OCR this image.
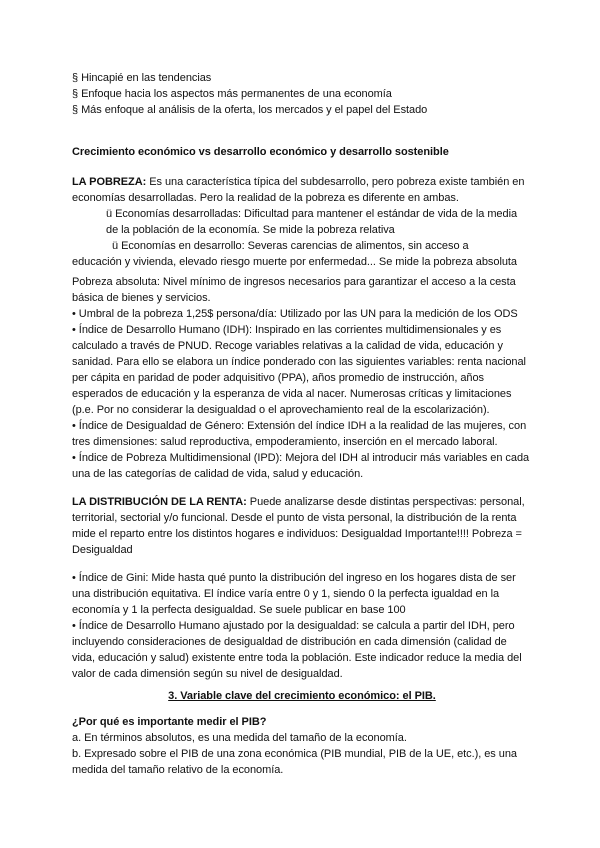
§ Hincapié en las tendencias

§ Enfoque hacia los aspectos más permanentes de una economía

§ Más enfoque al análisis de la oferta, los mercados y el papel del Estado

Crecimiento económico vs desarrollo económico y desarrollo sostenible

LA POBREZA: Es una característica típica del subdesarrollo, pero pobreza existe también en economías desarrolladas. Pero la realidad de la pobreza es diferente en ambas.

ü Economías desarrolladas: Dificultad para mantener el estándar de vida de la media de la población de la economía. Se mide la pobreza relativa

ü Economías en desarrollo: Severas carencias de alimentos, sin acceso a

educación y vivienda, elevado riesgo muerte por enfermedad... Se mide la pobreza absoluta

Pobreza absoluta: Nivel mínimo de ingresos necesarios para garantizar el acceso a la cesta básica de bienes y servicios.

• Umbral de la pobreza 1,25$ persona/día: Utilizado por las UN para la medición de los ODS

• Índice de Desarrollo Humano (IDH): Inspirado en las corrientes multidimensionales y es calculado a través de PNUD. Recoge variables relativas a la calidad de vida, educación y sanidad. Para ello se elabora un índice ponderado con las siguientes variables: renta nacional per cápita en paridad de poder adquisitivo (PPA), años promedio de instrucción, años esperados de educación y la esperanza de vida al nacer. Numerosas críticas y limitaciones (p.e. Por no considerar la desigualdad o el aprovechamiento real de la escolarización).

• Índice de Desigualdad de Género: Extensión del índice IDH a la realidad de las mujeres, con tres dimensiones: salud reproductiva, empoderamiento, inserción en el mercado laboral.

• Índice de Pobreza Multidimensional (IPD): Mejora del IDH al introducir más variables en cada una de las categorías de calidad de vida, salud y educación.

LA DISTRIBUCIÓN DE LA RENTA: Puede analizarse desde distintas perspectivas: personal, territorial, sectorial y/o funcional. Desde el punto de vista personal, la distribución de la renta mide el reparto entre los distintos hogares e individuos: Desigualdad Importante!!!! Pobreza = Desigualdad

• Índice de Gini: Mide hasta qué punto la distribución del ingreso en los hogares dista de ser una distribución equitativa. El índice varía entre 0 y 1, siendo 0 la perfecta igualdad en la economía y 1 la perfecta desigualdad. Se suele publicar en base 100

• Índice de Desarrollo Humano ajustado por la desigualdad: se calcula a partir del IDH, pero incluyendo consideraciones de desigualdad de distribución en cada dimensión (calidad de vida, educación y salud) existente entre toda la población. Este indicador reduce la media del valor de cada dimensión según su nivel de desigualdad.

3. Variable clave del crecimiento económico: el PIB.

¿Por qué es importante medir el PIB?

a. En términos absolutos, es una medida del tamaño de la economía.

b. Expresado sobre el PIB de una zona económica (PIB mundial, PIB de la UE, etc.), es una medida del tamaño relativo de la economía.
